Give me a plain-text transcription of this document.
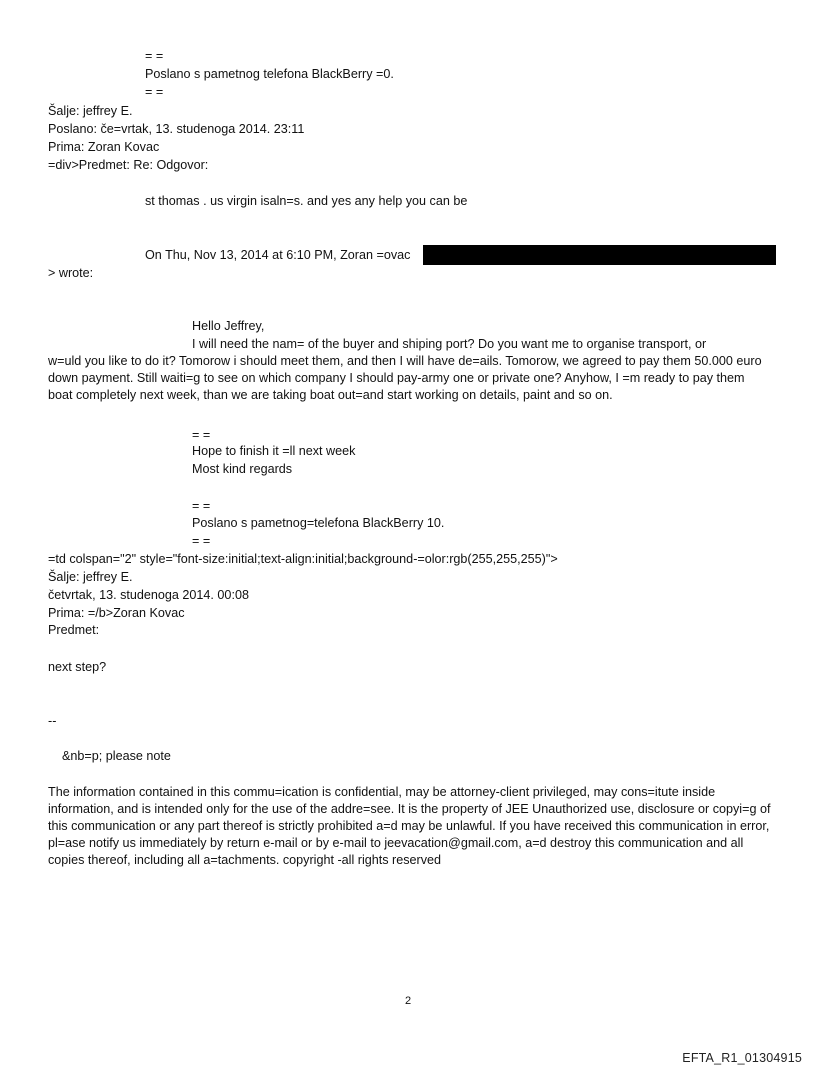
= =
Poslano s pametnog telefona BlackBerry =0.
= =
Šalje: jeffrey E.
Poslano: če=vrtak, 13. studenoga 2014. 23:11
Prima: Zoran Kovac
=div>Predmet: Re: Odgovor:
st thomas . us virgin isaln=s. and yes any help you can be
On Thu, Nov 13, 2014 at 6:10 PM, Zoran =ovac
> wrote:
Hello Jeffrey,
I will need the nam= of the buyer and shiping port? Do you want me to organise transport, or
w=uld you like to do it? Tomorow i should meet them, and then I will have de=ails. Tomorow, we agreed to pay them 50.000 euro down payment. Still waiti=g to see on which company I should pay-army one or private one? Anyhow, I =m ready to pay them boat completely next week, than we are taking boat out=and start working on details, paint and so on.
= =
Hope to finish it =ll next week
Most kind regards
= =
Poslano s pametnog=telefona BlackBerry 10.
= =
=td colspan="2" style="font-size:initial;text-align:initial;background-=olor:rgb(255,255,255)">
Šalje: jeffrey E.
četvrtak, 13. studenoga 2014. 00:08
Prima: =/b>Zoran Kovac
Predmet:
next step?
--
&nb=p; please note
The information contained in this commu=ication is confidential, may be attorney-client privileged, may cons=itute inside information, and is intended only for the use of the addre=see. It is the property of JEE Unauthorized use, disclosure or copyi=g of this communication or any part thereof is strictly prohibited a=d may be unlawful. If you have received this communication in error, pl=ase notify us immediately by return e-mail or by e-mail to jeevacation@gmail.com, a=d destroy this communication and all copies thereof, including all a=tachments. copyright -all rights reserved
2
EFTA_R1_01304915
